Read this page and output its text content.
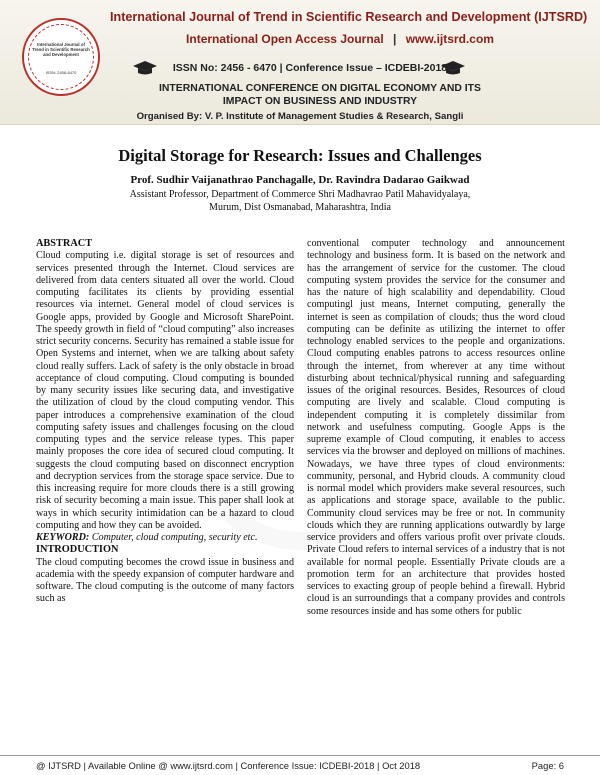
International Journal of Trend in Scientific Research and Development
ISSN: 2456-6470
International Journal of Trend in Scientific Research and Development (IJTSRD)
International Open Access Journal | www.ijtsrd.com
ISSN No: 2456 - 6470 | Conference Issue – ICDEBI-2018
INTERNATIONAL CONFERENCE ON DIGITAL ECONOMY AND ITS IMPACT ON BUSINESS AND INDUSTRY
Organised By: V. P. Institute of Management Studies & Research, Sangli
Digital Storage for Research: Issues and Challenges
Prof. Sudhir Vaijanathrao Panchagalle, Dr. Ravindra Dadarao Gaikwad
Assistant Professor, Department of Commerce Shri Madhavrao Patil Mahavidyalaya,
Murum, Dist Osmanabad, Maharashtra, India

ABSTRACT

Cloud computing i.e. digital storage is set of resources and services presented through the Internet. Cloud services are delivered from data centers situated all over the world. Cloud computing facilitates its clients by providing essential resources via internet. General model of cloud services is Google apps, provided by Google and Microsoft SharePoint. The speedy growth in field of “cloud computing” also increases strict security concerns. Security has remained a stable issue for Open Systems and internet, when we are talking about safety cloud really suffers. Lack of safety is the only obstacle in broad acceptance of cloud computing. Cloud computing is bounded by many security issues like securing data, and investigative the utilization of cloud by the cloud computing vendor. This paper introduces a comprehensive examination of the cloud computing safety issues and challenges focusing on the cloud computing types and the service release types. This paper mainly proposes the core idea of secured cloud computing. It suggests the cloud computing based on disconnect encryption and decryption services from the storage space service. Due to this increasing require for more clouds there is a still growing risk of security becoming a main issue. This paper shall look at ways in which security intimidation can be a hazard to cloud computing and how they can be avoided.

KEYWORD: Computer, cloud computing, security etc.

INTRODUCTION

The cloud computing becomes the crowd issue in business and academia with the speedy expansion of computer hardware and software. The cloud computing is the outcome of many factors such as

conventional computer technology and announcement technology and business form. It is based on the network and has the arrangement of service for the customer. The cloud computing system provides the service for the consumer and has the nature of high scalability and dependability. Cloud computingl just means, Internet computing, generally the internet is seen as compilation of clouds; thus the word cloud computing can be definite as utilizing the internet to offer technology enabled services to the people and organizations. Cloud computing enables patrons to access resources online through the internet, from wherever at any time without disturbing about technical/physical running and safeguarding issues of the original resources. Besides, Resources of cloud computing are lively and scalable. Cloud computing is independent computing it is completely dissimilar from network and usefulness computing. Google Apps is the supreme example of Cloud computing, it enables to access services via the browser and deployed on millions of machines. Nowadays, we have three types of cloud environments: community, personal, and Hybrid clouds. A community cloud is normal model which providers make several resources, such as applications and storage space, available to the public. Community cloud services may be free or not. In community clouds which they are running applications outwardly by large service providers and offers various profit over private clouds. Private Cloud refers to internal services of a industry that is not available for normal people. Essentially Private clouds are a promotion term for an architecture that provides hosted services to exacting group of people behind a firewall. Hybrid cloud is an surroundings that a company provides and controls some resources inside and has some others for public

@ IJTSRD | Available Online @ www.ijtsrd.com | Conference Issue: ICDEBI-2018 | Oct 2018	Page: 6
